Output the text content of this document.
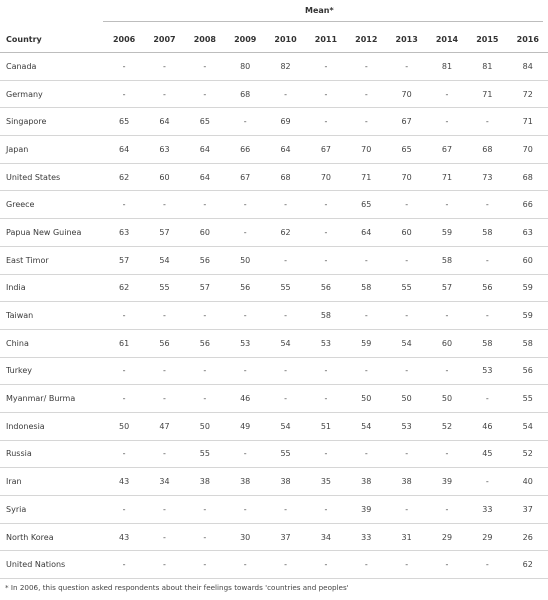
Mean*
Country	2006	2007	2008	2009	2010	2011	2012	2013	2014	2015	2016
Canada	-	-	-	80	82	-	-	-	81	81	84
Germany	-	-	-	68	-	-	-	70	-	71	72
Singapore	65	64	65	-	69	-	-	67	-	-	71
Japan	64	63	64	66	64	67	70	65	67	68	70
United States	62	60	64	67	68	70	71	70	71	73	68
Greece	-	-	-	-	-	-	65	-	-	-	66
Papua New Guinea	63	57	60	-	62	-	64	60	59	58	63
East Timor	57	54	56	50	-	-	-	-	58	-	60
India	62	55	57	56	55	56	58	55	57	56	59
Taiwan	-	-	-	-	-	58	-	-	-	-	59
China	61	56	56	53	54	53	59	54	60	58	58
Turkey	-	-	-	-	-	-	-	-	-	53	56
Myanmar/ Burma	-	-	-	46	-	-	50	50	50	-	55
Indonesia	50	47	50	49	54	51	54	53	52	46	54
Russia	-	-	55	-	55	-	-	-	-	45	52
Iran	43	34	38	38	38	35	38	38	39	-	40
Syria	-	-	-	-	-	-	39	-	-	33	37
North Korea	43	-	-	30	37	34	33	31	29	29	26
United Nations	-	-	-	-	-	-	-	-	-	-	62
* In 2006, this question asked respondents about their feelings towards 'countries and peoples'
